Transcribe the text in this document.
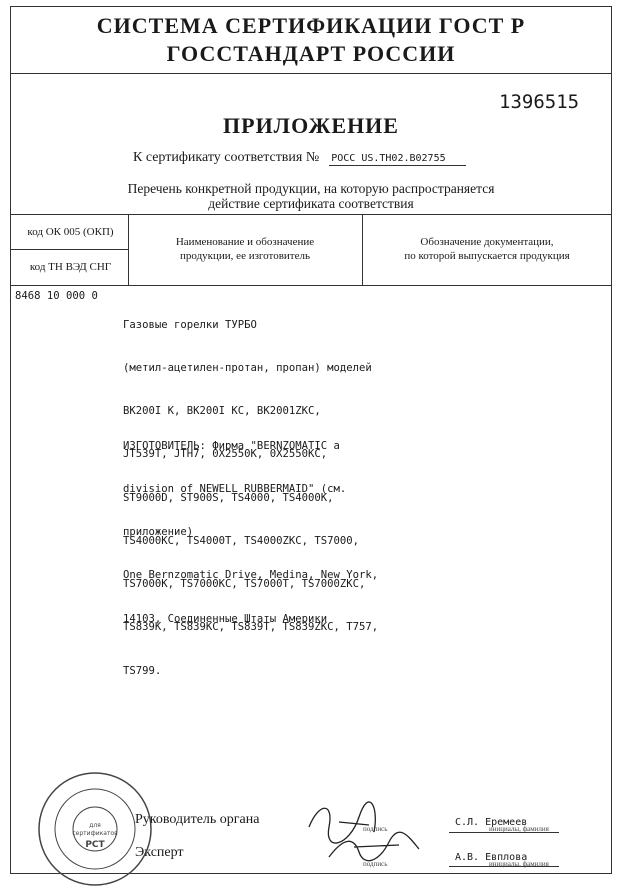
СИСТЕМА СЕРТИФИКАЦИИ ГОСТ Р
ГОССТАНДАРТ РОССИИ
1396515
ПРИЛОЖЕНИЕ
К сертификату соответствия № РОСС US.ТН02.В02755
Перечень конкретной продукции, на которую распространяется
действие сертификата соответствия
код ОК 005 (ОКП)
код ТН ВЭД СНГ
Наименование и обозначение
продукции, ее изготовитель
Обозначение документации,
по которой выпускается продукция
8468 10 000 0

Газовые горелки ТУРБО

(метил-ацетилен-протан, пропан) моделей

BK200I K, BK200I KC, BK2001ZKC,

JT539T, JTH7, 0X2550K, 0X2550KC,

ST9000D, ST900S, TS4000, TS4000K,

TS4000KC, TS4000T, TS4000ZKC, TS7000,

TS7000K, TS7000KC, TS7000T, TS7000ZKC,

TS839K, TS839KC, TS839T, TS839ZKC, T757,

TS799.

ИЗГОТОВИТЕЛЬ: Фирма "BERNZOMATIC a

division of NEWELL RUBBERMAID" (см.

приложение)

One Bernzomatic Drive, Medina, New York,

14103, Соединенные Штаты Америки

Руководитель органа
Эксперт
С.Л. Еремеев
А.В. Евплова
подпись
подпись
инициалы, фамилия
инициалы, фамилия
для
сертификатов
РСТ
